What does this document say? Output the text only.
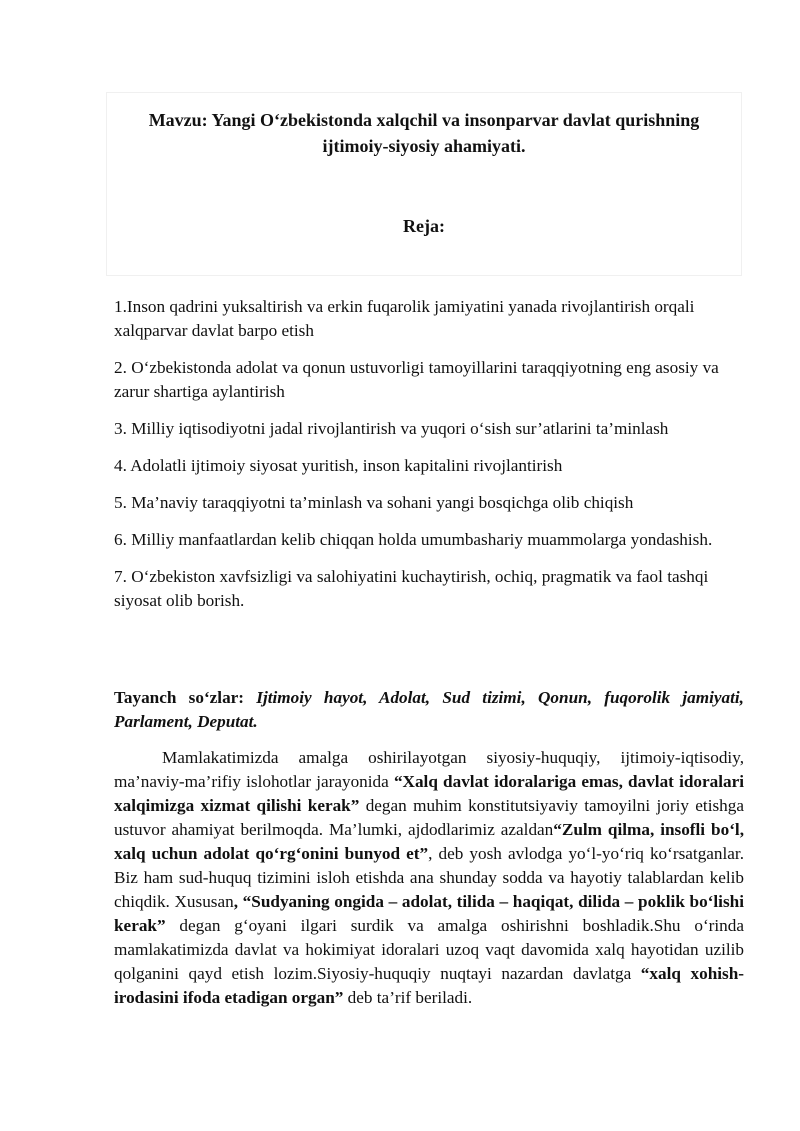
Mavzu: Yangi O‘zbekistonda xalqchil va insonparvar davlat qurishning ijtimoiy-siyosiy ahamiyati.
Reja:
1.Inson qadrini yuksaltirish va erkin fuqarolik jamiyatini yanada rivojlantirish orqali xalqparvar davlat barpo etish
2. O‘zbekistonda adolat va qonun ustuvorligi tamoyillarini taraqqiyotning eng asosiy va zarur shartiga aylantirish
3. Milliy iqtisodiyotni jadal rivojlantirish va yuqori o‘sish sur’atlarini ta’minlash
4. Adolatli ijtimoiy siyosat yuritish, inson kapitalini rivojlantirish
5. Ma’naviy taraqqiyotni ta’minlash va sohani yangi bosqichga olib chiqish
6. Milliy manfaatlardan kelib chiqqan holda umumbashariy muammolarga yondashish.
7. O‘zbekiston xavfsizligi va salohiyatini kuchaytirish, ochiq, pragmatik va faol tashqi siyosat olib borish.

Tayanch so‘zlar: Ijtimoiy hayot, Adolat, Sud tizimi, Qonun, fuqorolik jamiyati, Parlament, Deputat.

Mamlakatimizda amalga oshirilayotgan siyosiy-huquqiy, ijtimoiy-iqtisodiy, ma’naviy-ma’rifiy islohotlar jarayonida “Xalq davlat idoralariga emas, davlat idoralari xalqimizga xizmat qilishi kerak” degan muhim konstitutsiyaviy tamoyilni joriy etishga ustuvor ahamiyat berilmoqda. Ma’lumki, ajdodlarimiz azaldan“Zulm qilma, insofli bo‘l, xalq uchun adolat qo‘rg‘onini bunyod et”, deb yosh avlodga yo‘l-yo‘riq ko‘rsatganlar. Biz ham sud-huquq tizimini isloh etishda ana shunday sodda va hayotiy talablardan kelib chiqdik. Xususan, “Sudyaning ongida – adolat, tilida – haqiqat, dilida – poklik bo‘lishi kerak” degan g‘oyani ilgari surdik va amalga oshirishni boshladik.Shu o‘rinda mamlakatimizda davlat va hokimiyat idoralari uzoq vaqt davomida xalq hayotidan uzilib qolganini qayd etish lozim.Siyosiy-huquqiy nuqtayi nazardan davlatga “xalq xohish-irodasini ifoda etadigan organ” deb ta’rif beriladi.
